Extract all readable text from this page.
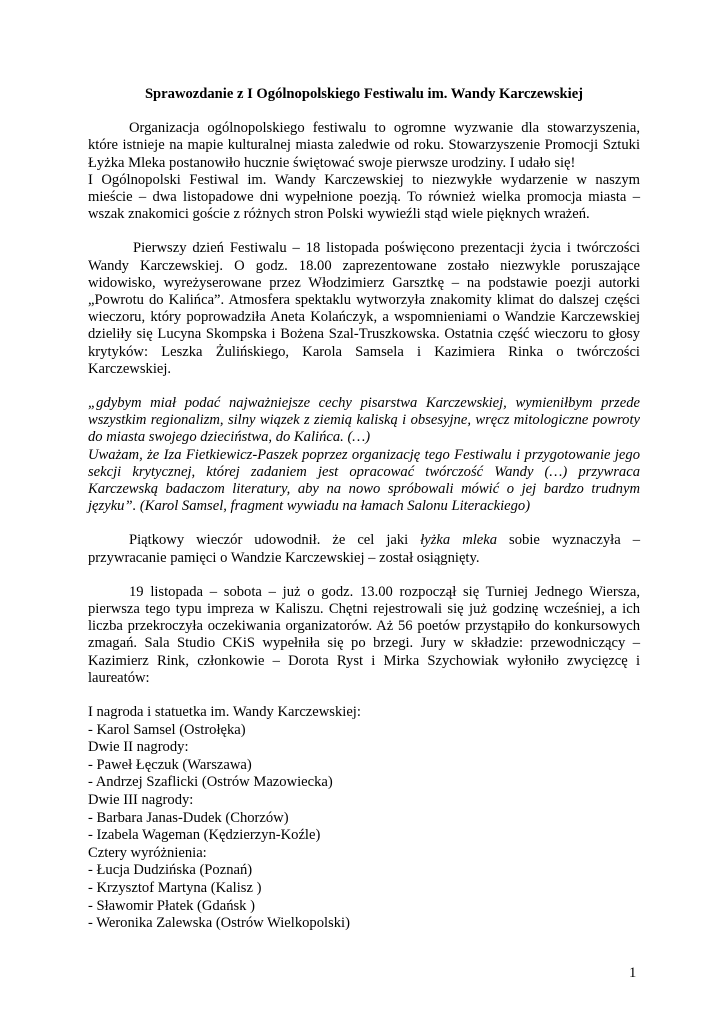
Sprawozdanie z I Ogólnopolskiego Festiwalu im. Wandy Karczewskiej
Organizacja ogólnopolskiego festiwalu to ogromne wyzwanie dla stowarzyszenia,
które istnieje na mapie kulturalnej miasta zaledwie od roku. Stowarzyszenie Promocji Sztuki
Łyżka Mleka postanowiło hucznie świętować swoje pierwsze urodziny. I udało się!
I Ogólnopolski Festiwal im. Wandy Karczewskiej to niezwykłe wydarzenie w naszym
mieście – dwa listopadowe dni wypełnione poezją. To również wielka promocja miasta –
wszak znakomici goście z różnych stron Polski wywieźli stąd wiele pięknych wrażeń.
Pierwszy dzień Festiwalu – 18 listopada poświęcono prezentacji życia i twórczości
Wandy Karczewskiej. O godz. 18.00 zaprezentowane zostało niezwykle poruszające
widowisko, wyreżyserowane przez Włodzimierz Garsztkę – na podstawie poezji autorki
„Powrotu do Kalińca”. Atmosfera spektaklu wytworzyła znakomity klimat do dalszej części
wieczoru, który poprowadziła Aneta Kolańczyk, a wspomnieniami o Wandzie Karczewskiej
dzieliły się Lucyna Skompska i Bożena Szal-Truszkowska. Ostatnia część wieczoru to głosy
krytyków: Leszka Żulińskiego, Karola Samsela i Kazimiera Rinka o twórczości
Karczewskiej.
„gdybym miał podać najważniejsze cechy pisarstwa Karczewskiej, wymieniłbym przede
wszystkim regionalizm, silny wiązek z ziemią kaliską i obsesyjne, wręcz mitologiczne powroty
do miasta swojego dzieciństwa, do Kalińca. (…)
Uważam, że Iza Fietkiewicz-Paszek poprzez organizację tego Festiwalu i przygotowanie jego
sekcji krytycznej, której zadaniem jest opracować twórczość Wandy (…) przywraca
Karczewską badaczom literatury, aby na nowo spróbowali mówić o jej bardzo trudnym
języku”. (Karol Samsel, fragment wywiadu na łamach Salonu Literackiego)
Piątkowy wieczór udowodnił. że cel jaki łyżka mleka sobie wyznaczyła –
przywracanie pamięci o Wandzie Karczewskiej – został osiągnięty.
19 listopada – sobota – już o godz. 13.00 rozpoczął się Turniej Jednego Wiersza,
pierwsza tego typu impreza w Kaliszu. Chętni rejestrowali się już godzinę wcześniej, a ich
liczba przekroczyła oczekiwania organizatorów. Aż 56 poetów przystąpiło do konkursowych
zmagań. Sala Studio CKiS wypełniła się po brzegi. Jury w składzie: przewodniczący –
Kazimierz Rink, członkowie – Dorota Ryst i Mirka Szychowiak wyłoniło zwycięzcę i
laureatów:
I nagroda i statuetka im. Wandy Karczewskiej:
- Karol Samsel (Ostrołęka)
Dwie II nagrody:
- Paweł Łęczuk (Warszawa)
- Andrzej Szaflicki (Ostrów Mazowiecka)
Dwie III nagrody:
- Barbara Janas-Dudek (Chorzów)
- Izabela Wageman (Kędzierzyn-Koźle)
Cztery wyróżnienia:
- Łucja Dudzińska (Poznań)
- Krzysztof Martyna (Kalisz )
- Sławomir Płatek (Gdańsk )
- Weronika Zalewska (Ostrów Wielkopolski)
1
